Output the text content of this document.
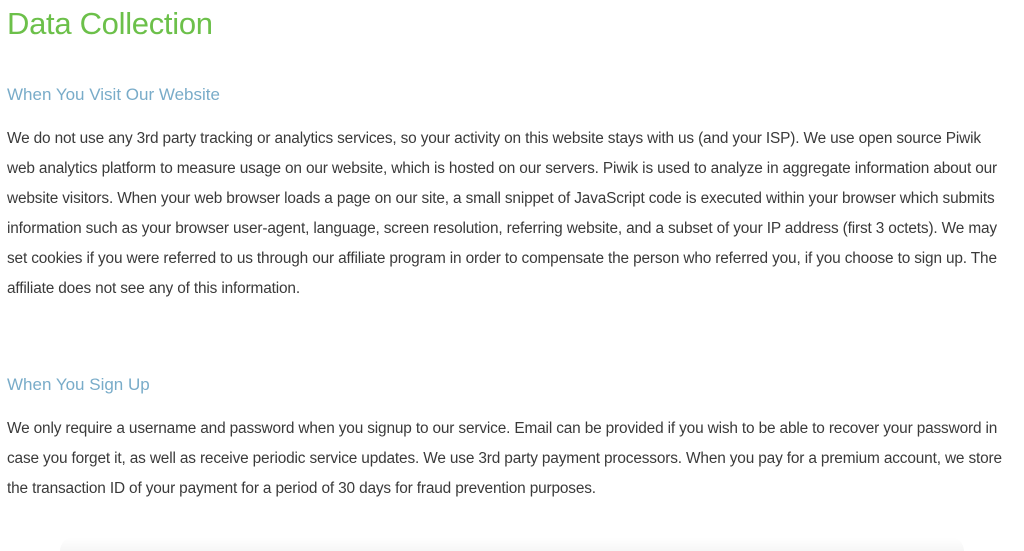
Data Collection
When You Visit Our Website

We do not use any 3rd party tracking or analytics services, so your activity on this website stays with us (and your ISP). We use open source Piwik web analytics platform to measure usage on our website, which is hosted on our servers. Piwik is used to analyze in aggregate information about our website visitors. When your web browser loads a page on our site, a small snippet of JavaScript code is executed within your browser which submits information such as your browser user-agent, language, screen resolution, referring website, and a subset of your IP address (first 3 octets). We may set cookies if you were referred to us through our affiliate program in order to compensate the person who referred you, if you choose to sign up. The affiliate does not see any of this information.

When You Sign Up

We only require a username and password when you signup to our service. Email can be provided if you wish to be able to recover your password in case you forget it, as well as receive periodic service updates. We use 3rd party payment processors. When you pay for a premium account, we store the transaction ID of your payment for a period of 30 days for fraud prevention purposes.
